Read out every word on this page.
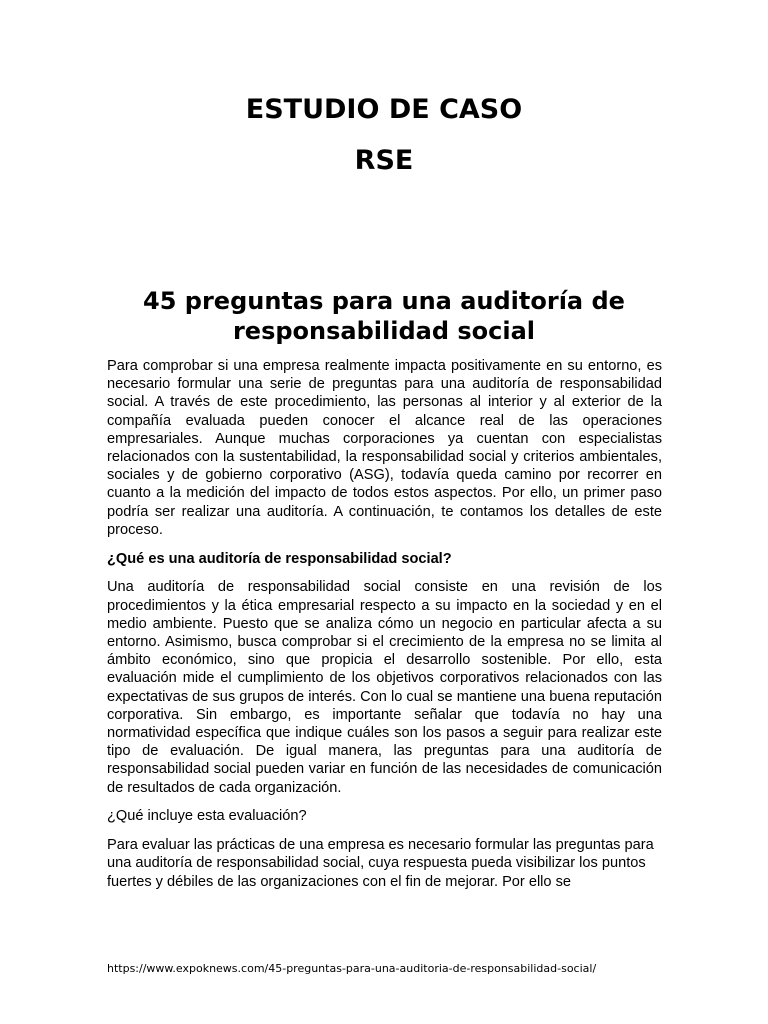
ESTUDIO DE CASO
RSE
45 preguntas para una auditoría de responsabilidad social

Para comprobar si una empresa realmente impacta positivamente en su entorno, es necesario formular una serie de preguntas para una auditoría de responsabilidad social. A través de este procedimiento, las personas al interior y al exterior de la compañía evaluada pueden conocer el alcance real de las operaciones empresariales. Aunque muchas corporaciones ya cuentan con especialistas relacionados con la sustentabilidad, la responsabilidad social y criterios ambientales, sociales y de gobierno corporativo (ASG), todavía queda camino por recorrer en cuanto a la medición del impacto de todos estos aspectos. Por ello, un primer paso podría ser realizar una auditoría. A continuación, te contamos los detalles de este proceso.

¿Qué es una auditoría de responsabilidad social?

Una auditoría de responsabilidad social consiste en una revisión de los procedimientos y la ética empresarial respecto a su impacto en la sociedad y en el medio ambiente. Puesto que se analiza cómo un negocio en particular afecta a su entorno. Asimismo, busca comprobar si el crecimiento de la empresa no se limita al ámbito económico, sino que propicia el desarrollo sostenible. Por ello, esta evaluación mide el cumplimiento de los objetivos corporativos relacionados con las expectativas de sus grupos de interés. Con lo cual se mantiene una buena reputación corporativa. Sin embargo, es importante señalar que todavía no hay una normatividad específica que indique cuáles son los pasos a seguir para realizar este tipo de evaluación. De igual manera, las preguntas para una auditoría de responsabilidad social pueden variar en función de las necesidades de comunicación de resultados de cada organización.

¿Qué incluye esta evaluación?

Para evaluar las prácticas de una empresa es necesario formular las preguntas para una auditoría de responsabilidad social, cuya respuesta pueda visibilizar los puntos fuertes y débiles de las organizaciones con el fin de mejorar. Por ello se

https://www.expoknews.com/45-preguntas-para-una-auditoria-de-responsabilidad-social/
